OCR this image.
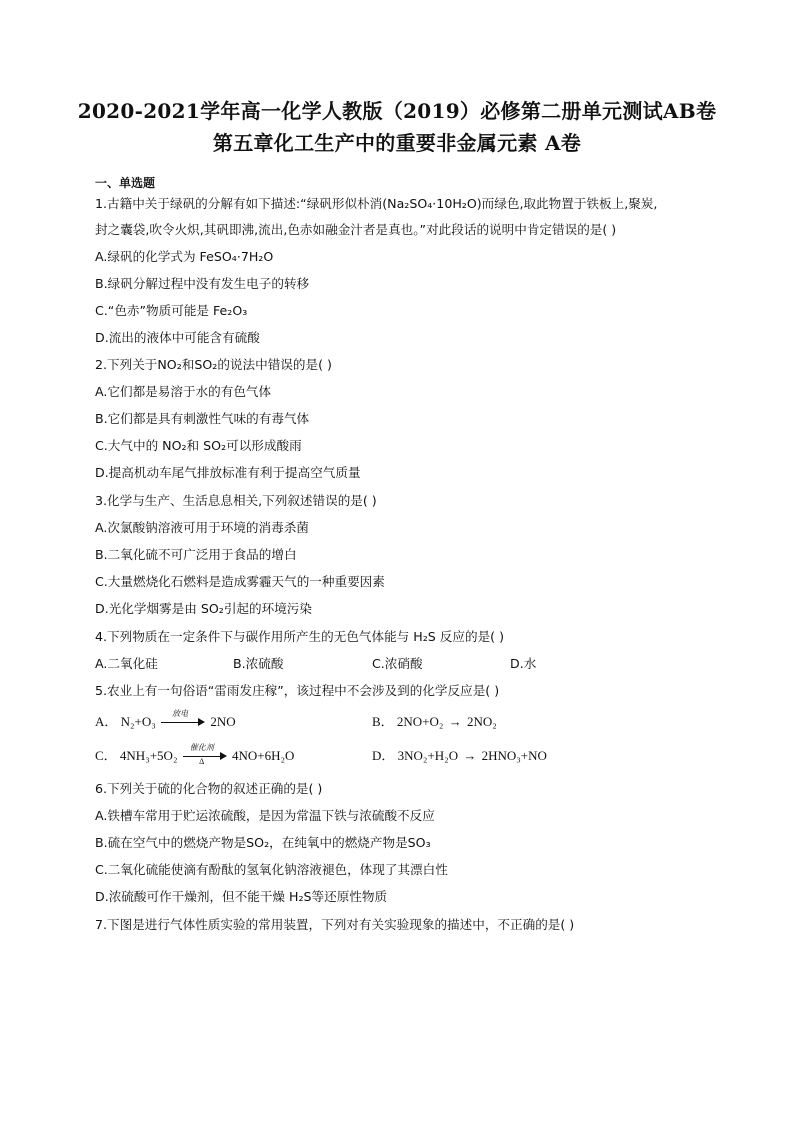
2020-2021学年高一化学人教版（2019）必修第二册单元测试AB卷
第五章化工生产中的重要非金属元素 A卷
一、单选题
1.古籍中关于绿矾的分解有如下描述:“绿矾形似朴消(Na₂SO₄·10H₂O)而绿色,取此物置于铁板上,聚炭,
封之囊袋,吹令火炽,其矾即沸,流出,色赤如融金汁者是真也。”对此段话的说明中肯定错误的是( )
A.绿矾的化学式为 FeSO₄·7H₂O
B.绿矾分解过程中没有发生电子的转移
C.“色赤”物质可能是 Fe₂O₃
D.流出的液体中可能含有硫酸
2.下列关于NO₂和SO₂的说法中错误的是( )
A.它们都是易溶于水的有色气体
B.它们都是具有刺激性气味的有毒气体
C.大气中的 NO₂和 SO₂可以形成酸雨
D.提高机动车尾气排放标准有利于提高空气质量
3.化学与生产、生活息息相关,下列叙述错误的是( )
A.次氯酸钠溶液可用于环境的消毒杀菌
B.二氧化硫不可广泛用于食品的增白
C.大量燃烧化石燃料是造成雾霾天气的一种重要因素
D.光化学烟雾是由 SO₂引起的环境污染
4.下列物质在一定条件下与碳作用所产生的无色气体能与 H₂S 反应的是( )
A.二氧化硅	B.浓硫酸	C.浓硝酸	D.水
5.农业上有一句俗语“雷雨发庄稼”，该过程中不会涉及到的化学反应是( )
A． N₂+O₃
放电
2NO	B． 2NO+O₂ → 2NO₂
C． 4NH₃+5O₂
催化剂
Δ	4NO+6H₂O	D． 3NO₂+H₂O → 2HNO₃+NO
6.下列关于硫的化合物的叙述正确的是( )
A.铁槽车常用于贮运浓硫酸，是因为常温下铁与浓硫酸不反应
B.硫在空气中的燃烧产物是SO₂，在纯氧中的燃烧产物是SO₃
C.二氧化硫能使滴有酚酞的氢氧化钠溶液褪色，体现了其漂白性
D.浓硫酸可作干燥剂，但不能干燥 H₂S等还原性物质
7.下图是进行气体性质实验的常用装置，下列对有关实验现象的描述中，不正确的是( )
